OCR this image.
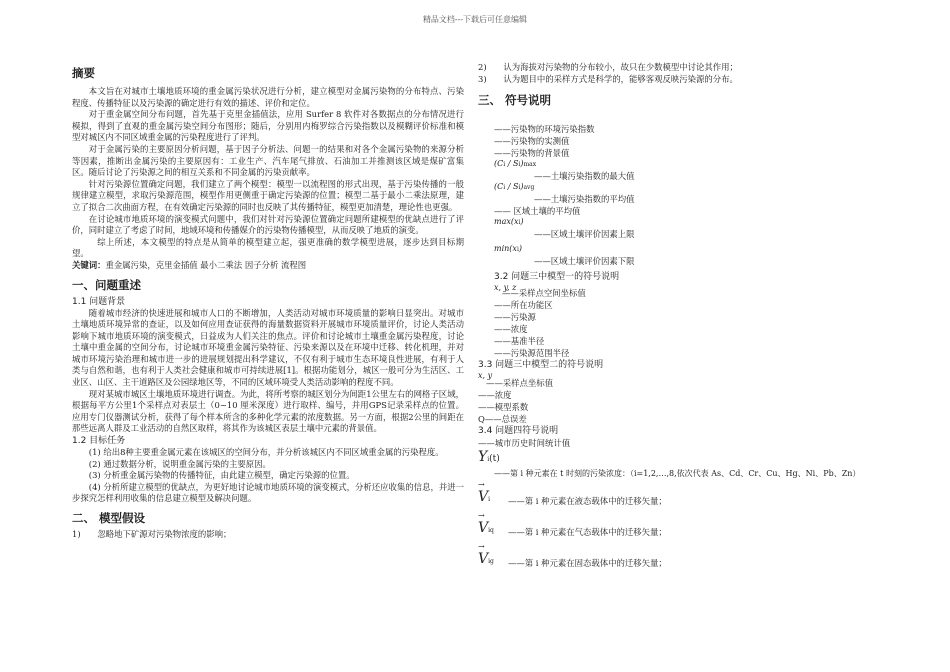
精品文档---下载后可任意编辑
摘要

本文旨在对城市土壤地质环境的重金属污染状况进行分析，建立模型对金属污染物的分布特点、污染程度、传播特征以及污染源的确定进行有效的描述、评价和定位。

对于重金属空间分布问题，首先基于克里金插值法，应用 Surfer 8 软件对各数据点的分布情况进行模拟，得到了直观的重金属污染空间分布图形；随后，分别用内梅罗综合污染指数以及模糊评价标准和模型对城区内不同区域重金属的污染程度进行了评判。

对于金属污染的主要原因分析问题，基于因子分析法、问题一的结果和对各个金属污染物的来源分析等因素，推断出金属污染的主要原因有：工业生产、汽车尾气排放、石油加工并推测该区域是煤矿富集区。随后讨论了污染源之间的相互关系和不同金属的污染贡献率。

针对污染源位置确定问题，我们建立了两个模型：模型一以流程图的形式出现，基于污染传播的一般规律建立模型，求取污染源范围，模型作用更侧重于确定污染源的位置；模型二基于最小二乘法原理，建立了拟合二次曲面方程，在有效确定污染源的同时也反映了其传播特征，模型更加清楚，理论性也更强。

在讨论城市地质环境的演变模式问题中，我们对针对污染源位置确定问题所建模型的优缺点进行了评价，同时建立了考虑了时间，地域环境和传播媒介的污染物传播模型，从而反映了地质的演变。

综上所述，本文模型的特点是从简单的模型建立起，强更准确的数学模型进展，逐步达到目标期望。

关键词：重金属污染，克里金插值 最小二乘法 因子分析 流程图
一、问题重述
1.1 问题背景

随着城市经济的快速进展和城市人口的不断增加，人类活动对城市环境质量的影响日显突出。对城市土壤地质环境异常的查证，以及如何应用查证获得的海量数据资料开展城市环境质量评价，讨论人类活动影响下城市地质环境的演变模式，日益成为人们关注的焦点。评价和讨论城市土壤重金属污染程度，讨论土壤中重金属的空间分布，讨论城市环境重金属污染特征、污染来源以及在环境中迁移、转化机理，并对城市环境污染治理和城市进一步的进展规划提出科学建议，不仅有利于城市生态环境良性进展，有利于人类与自然和谐，也有利于人类社会健康和城市可持续进展[1]。根据功能划分，城区一般可分为生活区、工业区、山区、主干道路区及公园绿地区等，不同的区域环境受人类活动影响的程度不同。

现对某城市城区土壤地质环境进行调查。为此，将所考察的城区划分为间距1公里左右的网格子区域，根据每平方公里1个采样点对表层土（0~10 厘米深度）进行取样、编号，并用GPS记录采样点的位置。应用专门仪器测试分析，获得了每个样本所含的多种化学元素的浓度数据。另一方面，根据2公里的间距在那些远离人群及工业活动的自然区取样，将其作为该城区表层土壤中元素的背景值。

1.2 目标任务

(1) 给出8种主要重金属元素在该城区的空间分布，并分析该城区内不同区域重金属的污染程度。

(2) 通过数据分析，说明重金属污染的主要原因。

(3) 分析重金属污染物的传播特征，由此建立模型，确定污染源的位置。

(4) 分析所建立模型的优缺点，为更好地讨论城市地质环境的演变模式，分析还应收集的信息，并进一步探究怎样利用收集的信息建立模型及解决问题。

二、 模型假设

1)　　忽略地下矿源对污染物浓度的影响；

2)　　认为海拔对污染物的分布较小，故只在少数模型中讨论其作用；

3)　　认为题目中的采样方式是科学的，能够客观反映污染源的分布。

三、 符号说明
——污染物的环境污染指数
——污染物的实测值
——污染物的背景值
(Ci / Si)max
——土壤污染指数的最大值
(Ci / Si)avg
——土壤污染指数的平均值
—— 区域土壤的平均值
max(xi)
——区域土壤评价因素上限
min(xi)
——区域土壤评价因素下限
3.2 问题三中模型一的符号说明
x, y, z
——采样点空间坐标值
——所在功能区
——污染源
——浓度
——基准半径
——污染源范围半径
3.3 问题三中模型二的符号说明
x, y
——采样点坐标值
——浓度
——模型系数
Q——总误差
3.4 问题四符号说明
——城市历史时间统计值
Yi(t)

——第 i 种元素在 t 时刻的污染浓度：（i=1,2,…,8,依次代表 As、Cd、Cr、Cu、Hg、Ni、Pb、Zn）

→
Vi ——第 i 种元素在液态载体中的迁移矢量；
→
Viq ——第 i 种元素在气态载体中的迁移矢量；
→
Vig ——第 i 种元素在固态载体中的迁移矢量；
